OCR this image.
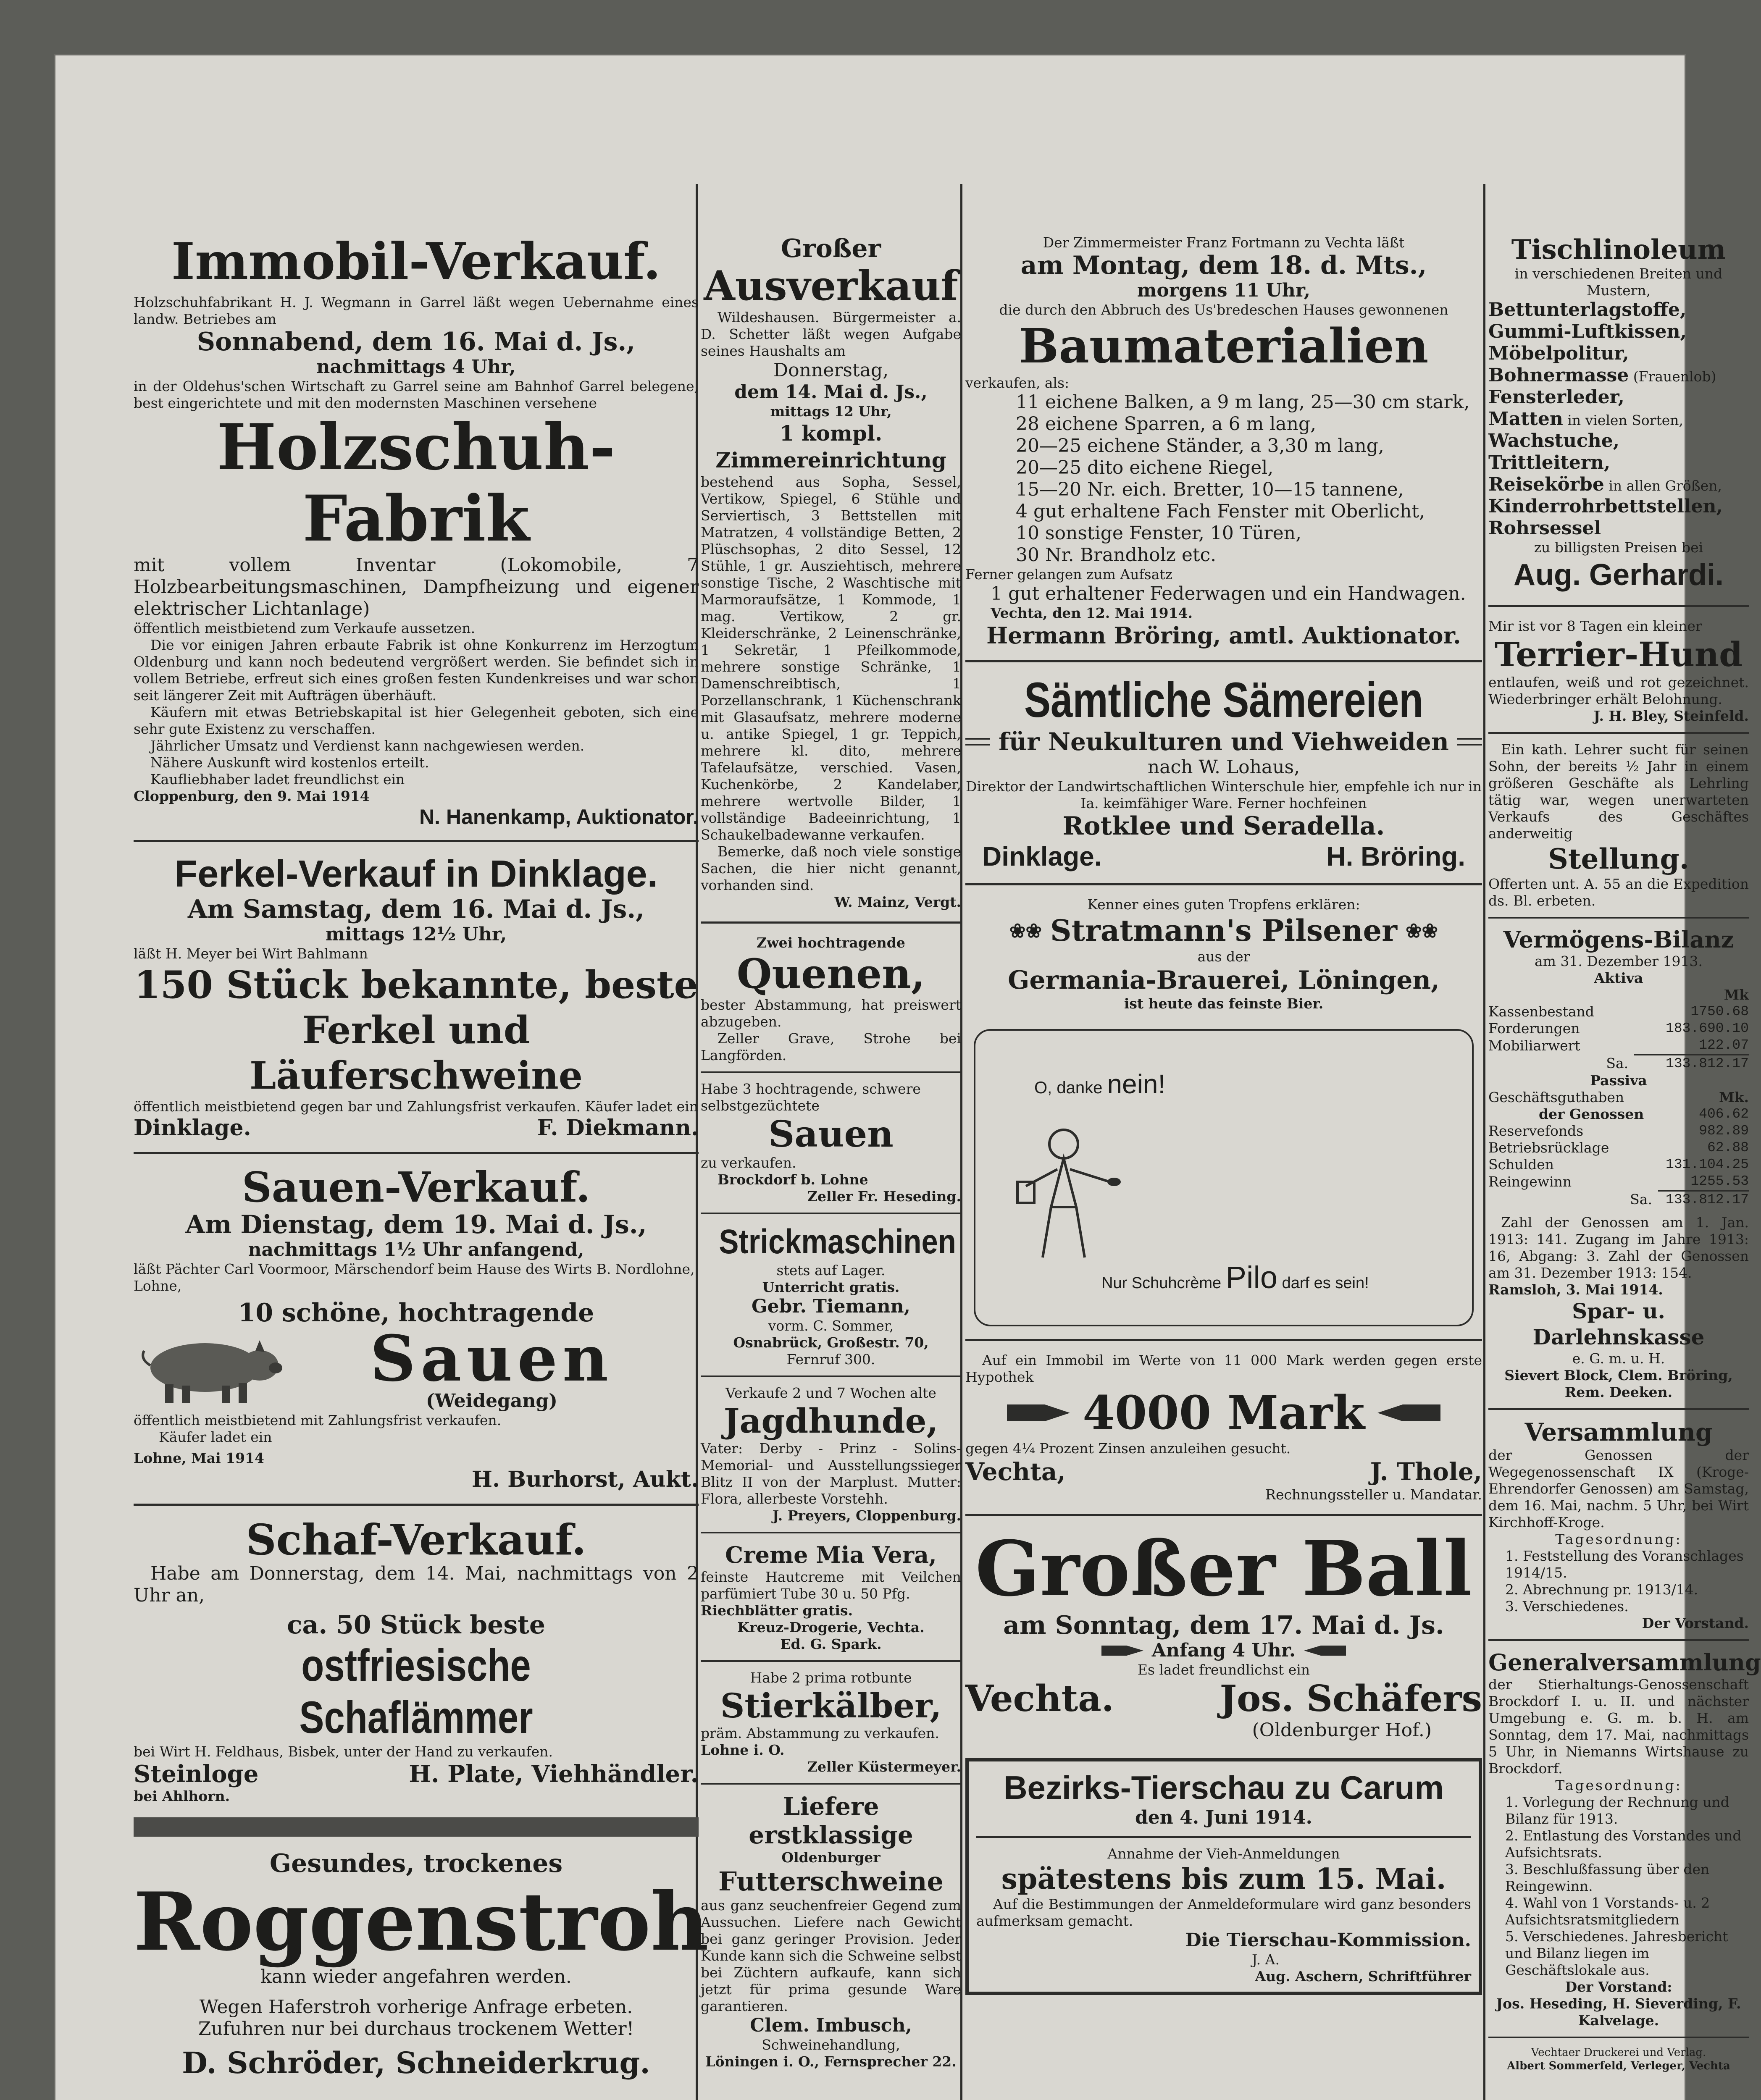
Immobil-Verkauf.

Holzschuhfabrikant H. J. Wegmann in Garrel läßt wegen Uebernahme eines landw. Betriebes am

Sonnabend, dem 16. Mai d. Js.,

nachmittags 4 Uhr,

in der Oldehus'schen Wirtschaft zu Garrel seine am Bahnhof Garrel belegene, best eingerichtete und mit den modernsten Maschinen versehene

Holzschuh-Fabrik

mit vollem Inventar (Lokomobile, 7 Holzbearbeitungsmaschinen, Dampfheizung und eigener elektrischer Lichtanlage)

öffentlich meistbietend zum Verkaufe aussetzen.

Die vor einigen Jahren erbaute Fabrik ist ohne Konkurrenz im Herzogtum Oldenburg und kann noch bedeutend vergrößert werden. Sie befindet sich in vollem Betriebe, erfreut sich eines großen festen Kundenkreises und war schon seit längerer Zeit mit Aufträgen überhäuft.

Käufern mit etwas Betriebskapital ist hier Gelegenheit geboten, sich eine sehr gute Existenz zu verschaffen.

Jährlicher Umsatz und Verdienst kann nachgewiesen werden.

Nähere Auskunft wird kostenlos erteilt.

Kaufliebhaber ladet freundlichst ein

Cloppenburg, den 9. Mai 1914

N. Hanenkamp, Auktionator.

Ferkel-Verkauf in Dinklage.

Am Samstag, dem 16. Mai d. Js.,

mittags 12½ Uhr,

läßt H. Meyer bei Wirt Bahlmann

150 Stück bekannte, beste

Ferkel und Läuferschweine

öffentlich meistbietend gegen bar und Zahlungsfrist verkaufen. Käufer ladet ein

Dinklage.	F. Diekmann.

Sauen-Verkauf.

Am Dienstag, dem 19. Mai d. Js.,

nachmittags 1½ Uhr anfangend,

läßt Pächter Carl Voormoor, Märschendorf beim Hause des Wirts B. Nordlohne, Lohne,

10 schöne, hochtragende

Sauen

(Weidegang)

öffentlich meistbietend mit Zahlungsfrist verkaufen.

Käufer ladet ein

Lohne, Mai 1914

H. Burhorst, Aukt.

Schaf-Verkauf.

Habe am Donnerstag, dem 14. Mai, nachmittags von 2 Uhr an,

ca. 50 Stück beste

ostfriesische Schaflämmer

bei Wirt H. Feldhaus, Bisbek, unter der Hand zu verkaufen.

Steinloge	H. Plate, Viehhändler.

bei Ahlhorn.

Gesundes, trockenes

Roggenstroh

kann wieder angefahren werden.

Wegen Haferstroh vorherige Anfrage erbeten.

Zufuhren nur bei durchaus trockenem Wetter!

D. Schröder, Schneiderkrug.

Großer

Ausverkauf

Wildeshausen. Bürgermeister a. D. Schetter läßt wegen Aufgabe seines Haushalts am

Donnerstag,

dem 14. Mai d. Js.,

mittags 12 Uhr,

1 kompl. Zimmereinrichtung

bestehend aus Sopha, Sessel, Vertikow, Spiegel, 6 Stühle und Serviertisch, 3 Bettstellen mit Matratzen, 4 vollständige Betten, 2 Plüschsophas, 2 dito Sessel, 12 Stühle, 1 gr. Ausziehtisch, mehrere sonstige Tische, 2 Waschtische mit Marmoraufsätze, 1 Kommode, 1 mag. Vertikow, 2 gr. Kleiderschränke, 2 Leinenschränke, 1 Sekretär, 1 Pfeilkommode, mehrere sonstige Schränke, 1 Damenschreibtisch, 1 Porzellanschrank, 1 Küchenschrank mit Glasaufsatz, mehrere moderne u. antike Spiegel, 1 gr. Teppich, mehrere kl. dito, mehrere Tafelaufsätze, verschied. Vasen, Kuchenkörbe, 2 Kandelaber, mehrere wertvolle Bilder, 1 vollständige Badeeinrichtung, 1 Schaukelbadewanne verkaufen.

Bemerke, daß noch viele sonstige Sachen, die hier nicht genannt, vorhanden sind.

W. Mainz, Vergt.

Zwei hochtragende

Quenen,

bester Abstammung, hat preiswert abzugeben.

Zeller Grave, Strohe bei Langförden.

Habe 3 hochtragende, schwere selbstgezüchtete

Sauen

zu verkaufen.

Brockdorf b. Lohne

Zeller Fr. Heseding.

Strickmaschinen

stets auf Lager.

Unterricht gratis.

Gebr. Tiemann,

vorm. C. Sommer,

Osnabrück, Großestr. 70,

Fernruf 300.

Verkaufe 2 und 7 Wochen alte

Jagdhunde,

Vater: Derby - Prinz - Solins-Memorial- und Ausstellungssieger Blitz II von der Marplust. Mutter: Flora, allerbeste Vorstehh.

J. Preyers, Cloppenburg.

Creme Mia Vera,

feinste Hautcreme mit Veilchen parfümiert Tube 30 u. 50 Pfg.

Riechblätter gratis.

Kreuz-Drogerie, Vechta.

Ed. G. Spark.

Habe 2 prima rotbunte

Stierkälber,

präm. Abstammung zu verkaufen.

Lohne i. O.

Zeller Küstermeyer.

Liefere erstklassige

Oldenburger

Futterschweine

aus ganz seuchenfreier Gegend zum Aussuchen. Liefere nach Gewicht bei ganz geringer Provision. Jeder Kunde kann sich die Schweine selbst bei Züchtern aufkaufe, kann sich jetzt für prima gesunde Ware garantieren.

Clem. Imbusch,

Schweinehandlung,

Löningen i. O., Fernsprecher 22.

Der Zimmermeister Franz Fortmann zu Vechta läßt

am Montag, dem 18. d. Mts.,

morgens 11 Uhr,

die durch den Abbruch des Us'bredeschen Hauses gewonnenen

Baumaterialien

verkaufen, als:

11 eichene Balken, a 9 m lang, 25—30 cm stark,

28 eichene Sparren, a 6 m lang,

20—25 eichene Ständer, a 3,30 m lang,

20—25 dito eichene Riegel,

15—20 Nr. eich. Bretter, 10—15 tannene,

4 gut erhaltene Fach Fenster mit Oberlicht,

10 sonstige Fenster, 10 Türen,

30 Nr. Brandholz etc.

Ferner gelangen zum Aufsatz

1 gut erhaltener Federwagen und ein Handwagen.

Vechta, den 12. Mai 1914.

Hermann Bröring, amtl. Auktionator.

Sämtliche Sämereien

für Neukulturen und Viehweiden

nach W. Lohaus,

Direktor der Landwirtschaftlichen Winterschule hier, empfehle ich nur in Ia. keimfähiger Ware. Ferner hochfeinen

Rotklee und Seradella.

Dinklage.	H. Bröring.

Kenner eines guten Tropfens erklären:

❀❀ Stratmann's Pilsener ❀❀

aus der

Germania-Brauerei, Löningen,

ist heute das feinste Bier.

O, danke nein!

Nur Schuhcrème Pilo darf es sein!

Auf ein Immobil im Werte von 11 000 Mark werden gegen erste Hypothek

4000 Mark

gegen 4¼ Prozent Zinsen anzuleihen gesucht.

Vechta,	J. Thole,

Rechnungssteller u. Mandatar.

Großer Ball

am Sonntag, dem 17. Mai d. Js.

Anfang 4 Uhr.

Es ladet freundlichst ein

Vechta.	Jos. Schäfers

(Oldenburger Hof.)

Bezirks-Tierschau zu Carum

den 4. Juni 1914.

Annahme der Vieh-Anmeldungen

spätestens bis zum 15. Mai.

Auf die Bestimmungen der Anmeldeformulare wird ganz besonders aufmerksam gemacht.

Die Tierschau-Kommission.

J. A.

Aug. Aschern, Schriftführer

Tischlinoleum

in verschiedenen Breiten und Mustern,

Bettunterlagstoffe,

Gummi-Luftkissen,

Möbelpolitur,

Bohnermasse (Frauenlob)

Fensterleder,

Matten in vielen Sorten,

Wachstuche,

Trittleitern,

Reisekörbe in allen Größen,

Kinderrohrbettstellen,

Rohrsessel

zu billigsten Preisen bei

Aug. Gerhardi.

Mir ist vor 8 Tagen ein kleiner

Terrier-Hund

entlaufen, weiß und rot gezeichnet. Wiederbringer erhält Belohnung.

J. H. Bley, Steinfeld.

Ein kath. Lehrer sucht für seinen Sohn, der bereits ½ Jahr in einem größeren Geschäfte als Lehrling tätig war, wegen unerwarteten Verkaufs des Geschäftes anderweitig

Stellung.

Offerten unt. A. 55 an die Expedition ds. Bl. erbeten.

Vermögens-Bilanz

am 31. Dezember 1913.

Aktiva

Mk

Kassenbestand	1750.68
Forderungen	183.690.10
Mobiliarwert	122.07
Sa.	133.812.17

Passiva

Geschäftsguthaben	Mk.
der Genossen	406.62
Reservefonds	982.89
Betriebsrücklage	62.88
Schulden	131.104.25
Reingewinn	1255.53
Sa.	133.812.17

Zahl der Genossen am 1. Jan. 1913: 141. Zugang im Jahre 1913: 16, Abgang: 3. Zahl der Genossen am 31. Dezember 1913: 154.

Ramsloh, 3. Mai 1914.

Spar- u. Darlehnskasse

e. G. m. u. H.

Sievert Block, Clem. Bröring, Rem. Deeken.

Versammlung

der Genossen der Wegegenossenschaft IX (Kroge-Ehrendorfer Genossen) am Samstag, dem 16. Mai, nachm. 5 Uhr, bei Wirt Kirchhoff-Kroge.

Tagesordnung:

1. Feststellung des Voranschlages 1914/15.

2. Abrechnung pr. 1913/14.

3. Verschiedenes.

Der Vorstand.

Generalversammlung

der Stierhaltungs-Genossenschaft Brockdorf I. u. II. und nächster Umgebung e. G. m. b. H. am Sonntag, dem 17. Mai, nachmittags 5 Uhr, in Niemanns Wirtshause zu Brockdorf.

Tagesordnung:

1. Vorlegung der Rechnung und Bilanz für 1913.

2. Entlastung des Vorstandes und Aufsichtsrats.

3. Beschlußfassung über den Reingewinn.

4. Wahl von 1 Vorstands- u. 2 Aufsichtsratsmitgliedern

5. Verschiedenes. Jahresbericht und Bilanz liegen im Geschäftslokale aus.

Der Vorstand:

Jos. Heseding, H. Sieverding, F. Kalvelage.

Vechtaer Druckerei und Verlag.

Albert Sommerfeld, Verleger, Vechta
